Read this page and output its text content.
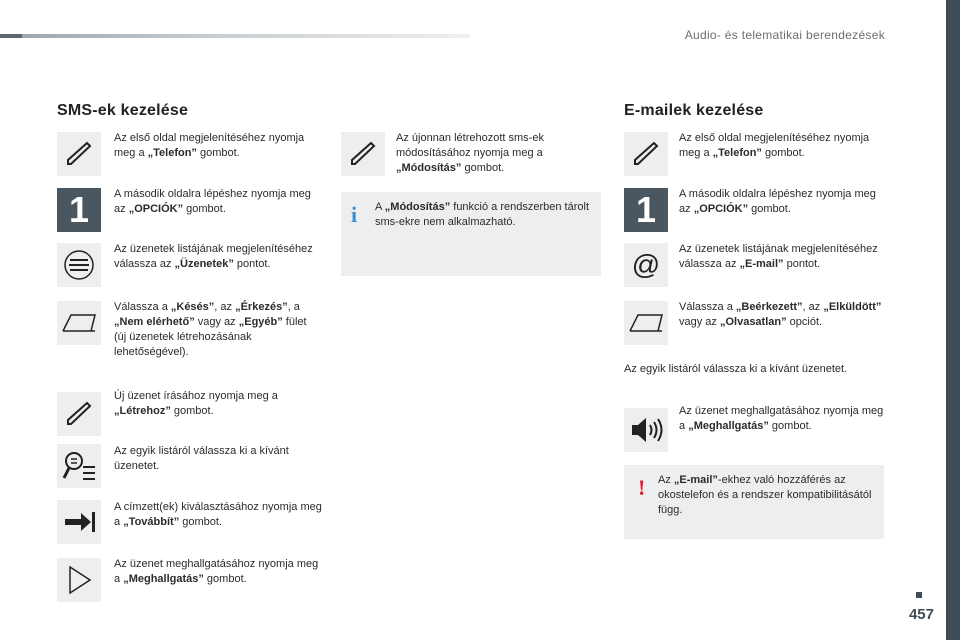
Audio- és telematikai berendezések
457
SMS-ek kezelése
Az első oldal megjelenítéséhez nyomja meg a „Telefon” gombot.
1 A második oldalra lépéshez nyomja meg az „OPCIÓK” gombot.
Az üzenetek listájának megjelenítéséhez válassza az „Üzenetek” pontot.
Válassza a „Késés”, az „Érkezés”, a „Nem elérhető” vagy az „Egyéb” fület (új üzenetek létrehozásának lehetőségével).
Új üzenet írásához nyomja meg a „Létrehoz” gombot.
Az egyik listáról válassza ki a kívánt üzenetet.
A címzett(ek) kiválasztásához nyomja meg a „Továbbít” gombot.
Az üzenet meghallgatásához nyomja meg a „Meghallgatás” gombot.
Az újonnan létrehozott sms-ek módosításához nyomja meg a „Módosítás” gombot.
i A „Módosítás” funkció a rendszerben tárolt sms-ekre nem alkalmazható.
E-mailek kezelése
Az első oldal megjelenítéséhez nyomja meg a „Telefon” gombot.
1 A második oldalra lépéshez nyomja meg az „OPCIÓK” gombot.
@ Az üzenetek listájának megjelenítéséhez válassza az „E-mail” pontot.
Válassza a „Beérkezett”, az „Elküldött” vagy az „Olvasatlan” opciót.
Az egyik listáról válassza ki a kívánt üzenetet.
Az üzenet meghallgatásához nyomja meg a „Meghallgatás” gombot.
! Az „E-mail”-ekhez való hozzáférés az okostelefon és a rendszer kompatibilitásától függ.
